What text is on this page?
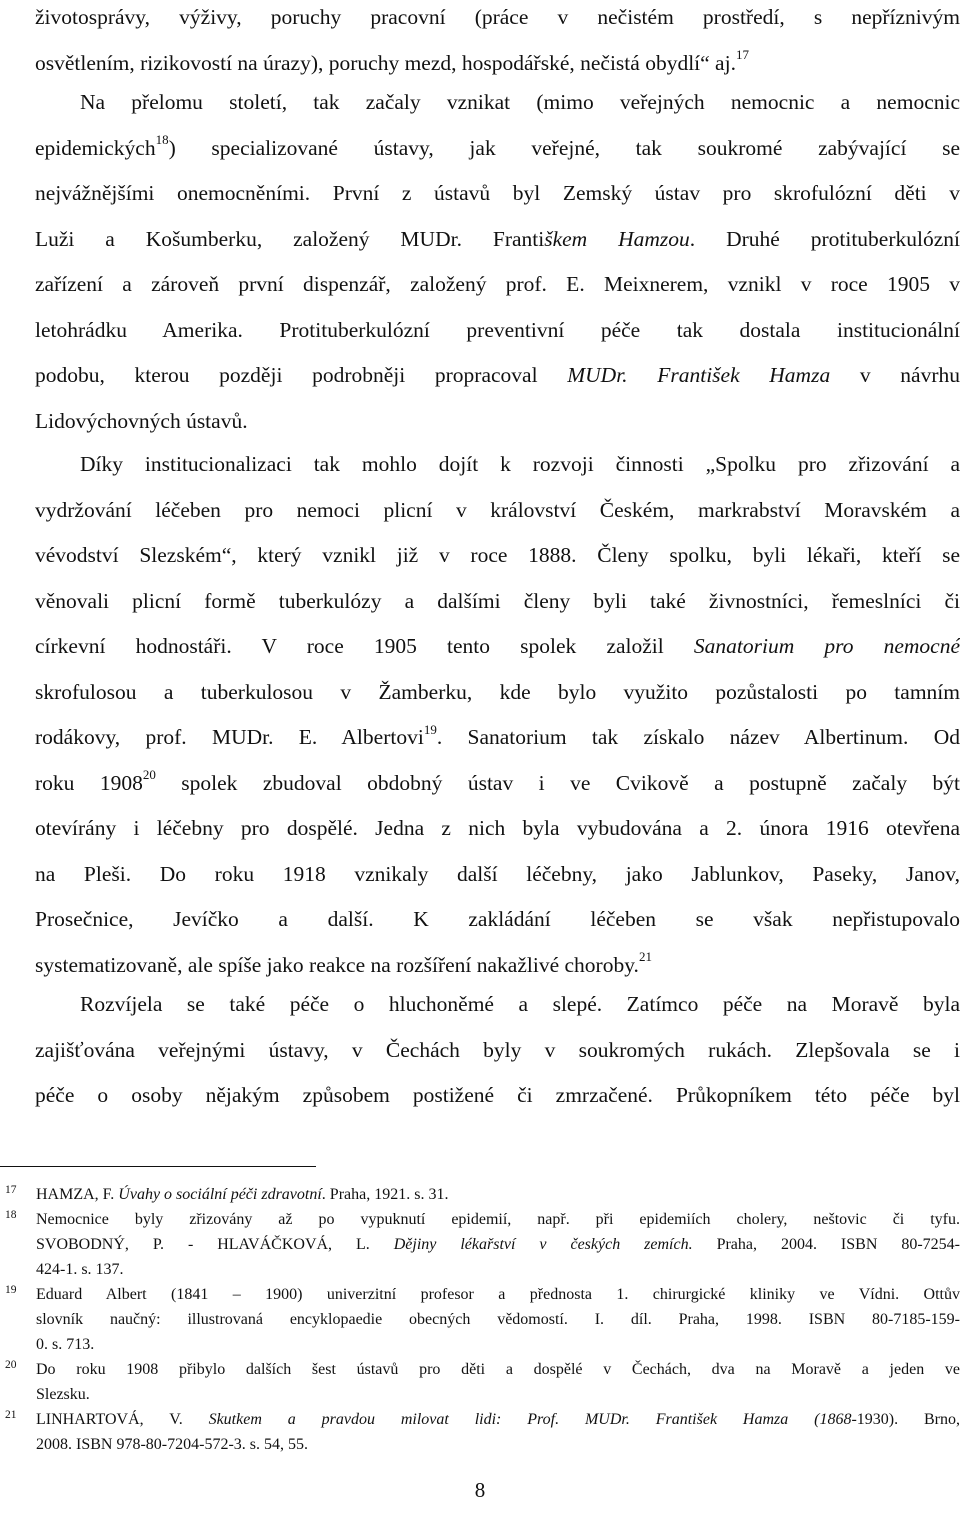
životosprávy, výživy, poruchy pracovní (práce v nečistém prostředí, s nepříznivým
osvětlením, rizikovostí na úrazy), poruchy mezd, hospodářské, nečistá obydlí“ aj.$^{17}$
Na přelomu století, tak začaly vznikat (mimo veřejných nemocnic a nemocnic
epidemických$^{18}$) specializované ústavy, jak veřejné, tak soukromé zabývající se
nejvážnějšími onemocněními. První z ústavů byl Zemský ústav pro skrofulózní děti v
Luži a Košumberku, založený MUDr. Františkem Hamzou. Druhé protituberkulózní
zařízení a zároveň první dispenzář, založený prof. E. Meixnerem, vznikl v roce 1905 v
letohrádku Amerika. Protituberkulózní preventivní péče tak dostala institucionální
podobu, kterou později podrobněji propracoval MUDr. František Hamza v návrhu
Lidovýchovných ústavů.
Díky institucionalizaci tak mohlo dojít k rozvoji činnosti „Spolku pro zřizování a
vydržování léčeben pro nemoci plicní v království Českém, markrabství Moravském a
vévodství Slezském“, který vznikl již v roce 1888. Členy spolku, byli lékaři, kteří se
věnovali plicní formě tuberkulózy a dalšími členy byli také živnostníci, řemeslníci či
církevní hodnostáři. V roce 1905 tento spolek založil Sanatorium pro nemocné
skrofulosou a tuberkulosou v Žamberku, kde bylo využito pozůstalosti po tamním
rodákovy, prof. MUDr. E. Albertovi$^{19}$. Sanatorium tak získalo název Albertinum. Od
roku 1908$^{20}$ spolek zbudoval obdobný ústav i ve Cvikově a postupně začaly být
otevírány i léčebny pro dospělé. Jedna z nich byla vybudována a 2. února 1916 otevřena
na Pleši. Do roku 1918 vznikaly další léčebny, jako Jablunkov, Paseky, Janov,
Prosečnice, Jevíčko a další. K zakládání léčeben se však nepřistupovalo
systematizovaně, ale spíše jako reakce na rozšíření nakažlivé choroby.$^{21}$
Rozvíjela se také péče o hluchoněmé a slepé. Zatímco péče na Moravě byla
zajišťována veřejnými ústavy, v Čechách byly v soukromých rukách. Zlepšovala se i
péče o osoby nějakým způsobem postižené či zmrzačené. Průkopníkem této péče byl
17 HAMZA, F. Úvahy o sociální péči zdravotní. Praha, 1921. s. 31.
18 Nemocnice byly zřizovány až po vypuknutí epidemií, např. při epidemiích cholery, neštovic či tyfu.
SVOBODNÝ, P. - HLAVÁČKOVÁ, L. Dějiny lékařství v českých zemích. Praha, 2004. ISBN 80-7254-
424-1. s. 137.
19 Eduard Albert (1841 – 1900) univerzitní profesor a přednosta 1. chirurgické kliniky ve Vídni. Ottův
slovník naučný: illustrovaná encyklopaedie obecných vědomostí. I. díl. Praha, 1998. ISBN 80-7185-159-
0. s. 713.
20 Do roku 1908 přibylo dalších šest ústavů pro děti a dospělé v Čechách, dva na Moravě a jeden ve
Slezsku.
21 LINHARTOVÁ, V. Skutkem a pravdou milovat lidi: Prof. MUDr. František Hamza (1868-1930). Brno,
2008. ISBN 978-80-7204-572-3. s. 54, 55.
8
